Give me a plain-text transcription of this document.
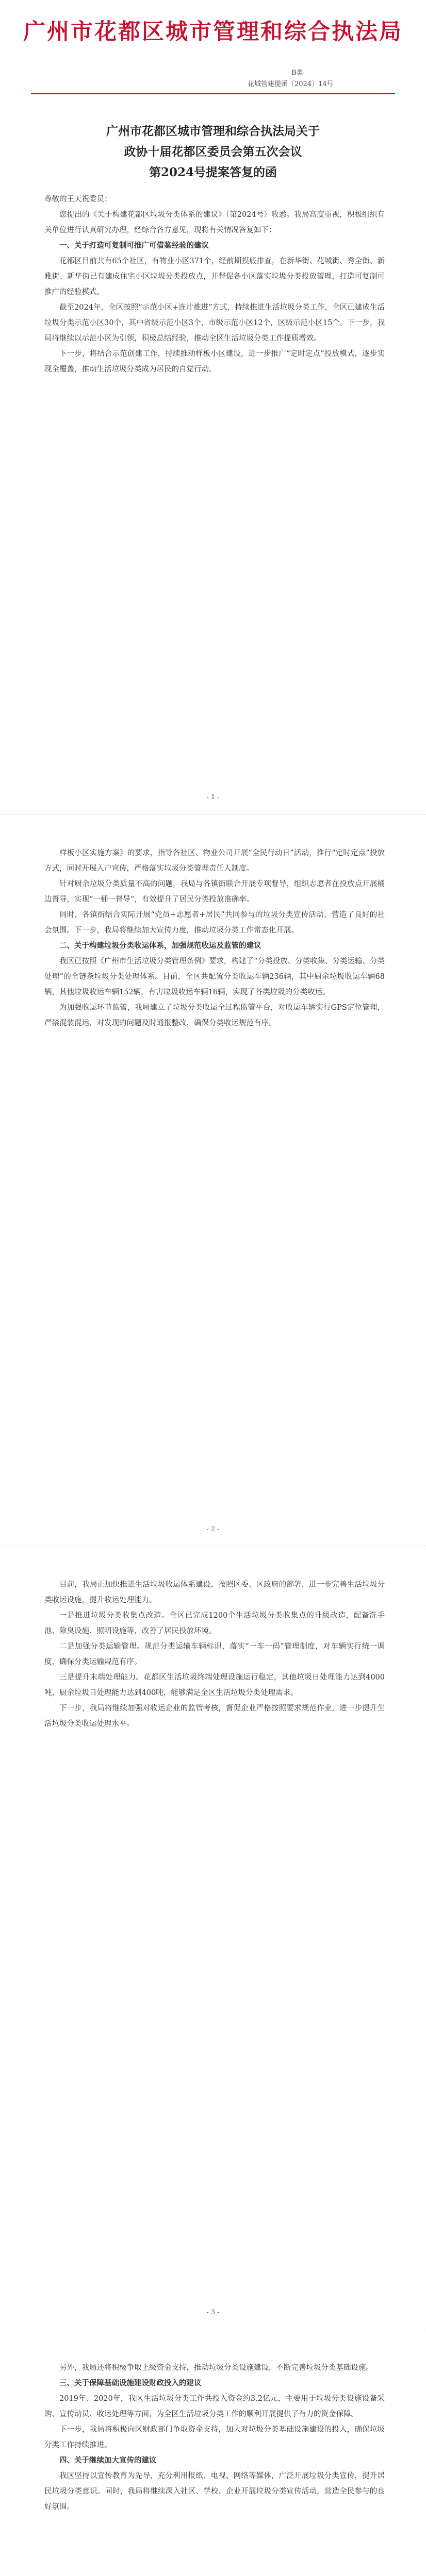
广州市花都区城市管理和综合执法局
B类
花城管建提函〔2024〕14号
广州市花都区城市管理和综合执法局关于
政协十届花都区委员会第五次会议
第2024号提案答复的函
尊敬的王天祝委员：
您提出的《关于构建花都区垃圾分类体系的建议》（第2024号）收悉。我局高度重视，积极组织有关单位进行认真研究办理，经综合各方意见，现将有关情况答复如下：
一、关于打造可复制可推广可借鉴经验的建议
花都区目前共有65个社区，有物业小区371个，经前期摸底排查，在新华街、花城街、秀全街、新雅街、新华街已有建成住宅小区垃圾分类投放点，并督促各小区落实垃圾分类投放管理，打造可复制可推广的经验模式。
截至2024年，全区按照“示范小区+连片推进”方式，持续推进生活垃圾分类工作，全区已建成生活垃圾分类示范小区30个，其中省级示范小区3个，市级示范小区12个，区级示范小区15个。下一步，我局将继续以示范小区为引领，积极总结经验，推动全区生活垃圾分类工作提质增效。
下一步，将结合示范创建工作，持续推动样板小区建设，进一步推广“定时定点”投放模式，逐步实现全覆盖，推动生活垃圾分类成为居民的自觉行动。
- 1 -
样板小区实施方案》的要求，指导各社区、物业公司开展“全民行动日”活动，推行“定时定点”投放方式，同时开展入户宣传，严格落实垃圾分类管理责任人制度。
针对厨余垃圾分类质量不高的问题，我局与各镇街联合开展专项督导，组织志愿者在投放点开展桶边督导，实现“一桶一督导”，有效提升了居民分类投放准确率。
同时，各镇街结合实际开展“党员+志愿者+居民”共同参与的垃圾分类宣传活动，营造了良好的社会氛围。下一步，我局将继续加大宣传力度，推动垃圾分类工作常态化开展。
二、关于构建垃圾分类收运体系，加强规范收运及监管的建议
我区已按照《广州市生活垃圾分类管理条例》要求，构建了“分类投放、分类收集、分类运输、分类处理”的全链条垃圾分类处理体系。目前，全区共配置分类收运车辆236辆，其中厨余垃圾收运车辆68辆，其他垃圾收运车辆152辆，有害垃圾收运车辆16辆，实现了各类垃圾的分类收运。
为加强收运环节监管，我局建立了垃圾分类收运全过程监管平台，对收运车辆实行GPS定位管理，严禁混装混运，对发现的问题及时通报整改，确保分类收运规范有序。
- 2 -
目前，我局正加快推进生活垃圾收运体系建设，按照区委、区政府的部署，进一步完善生活垃圾分类收运设施，提升收运处理能力。
一是推进垃圾分类收集点改造。全区已完成1200个生活垃圾分类收集点的升级改造，配备洗手池、除臭设施、照明设施等，改善了居民投放环境。
二是加强分类运输管理。规范分类运输车辆标识，落实“一车一码”管理制度，对车辆实行统一调度，确保分类运输规范有序。
三是提升末端处理能力。花都区生活垃圾终端处理设施运行稳定，其他垃圾日处理能力达到4000吨，厨余垃圾日处理能力达到400吨，能够满足全区生活垃圾分类处理需求。
下一步，我局将继续加强对收运企业的监管考核，督促企业严格按照要求规范作业，进一步提升生活垃圾分类收运处理水平。
- 3 -
另外，我局还将积极争取上级资金支持，推动垃圾分类设施建设，不断完善垃圾分类基础设施。
三、关于保障基础设施建设财政投入的建议
2019年、2020年，我区生活垃圾分类工作共投入资金约3.2亿元，主要用于垃圾分类设施设备采购、宣传动员、收运处理等方面，为全区生活垃圾分类工作的顺利开展提供了有力的资金保障。
下一步，我局将积极向区财政部门争取资金支持，加大对垃圾分类基础设施建设的投入，确保垃圾分类工作持续推进。
四、关于继续加大宣传的建议
我区坚持以宣传教育为先导，充分利用报纸、电视、网络等媒体，广泛开展垃圾分类宣传，提升居民垃圾分类意识。同时，我局将继续深入社区、学校、企业开展垃圾分类宣传活动，营造全民参与的良好氛围。
